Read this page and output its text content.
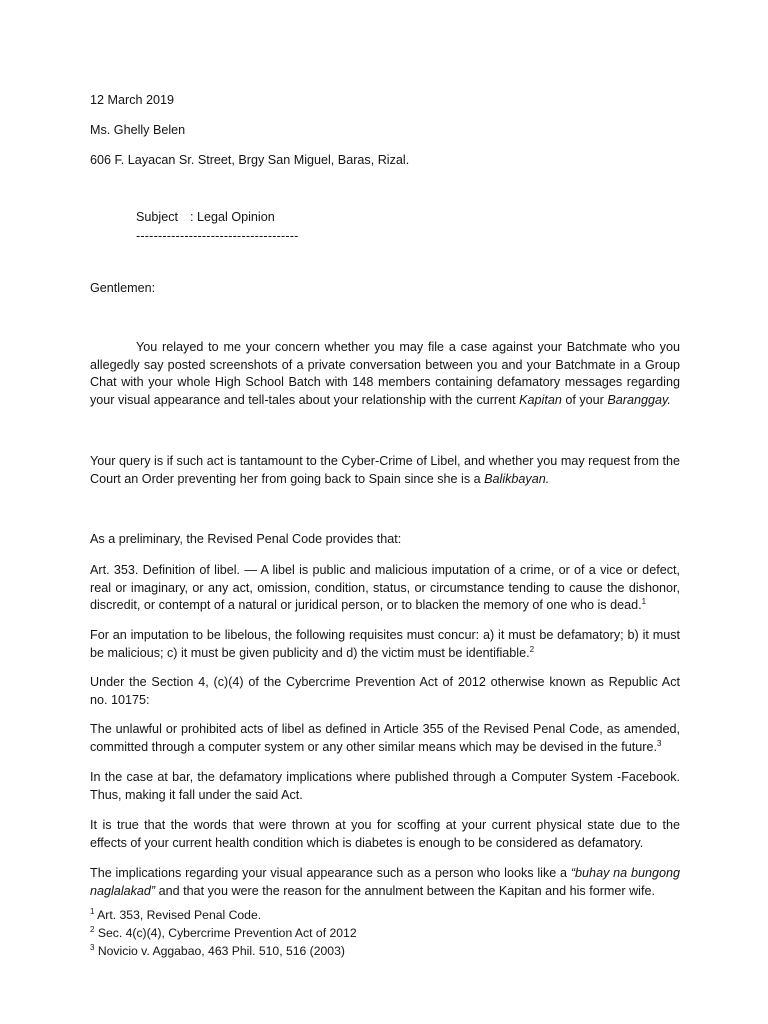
12 March 2019
Ms. Ghelly Belen
606 F. Layacan Sr. Street, Brgy San Miguel, Baras, Rizal.
Subject : Legal Opinion
-------------------------------------
Gentlemen:
You relayed to me your concern whether you may file a case against your Batchmate who you allegedly say posted screenshots of a private conversation between you and your Batchmate in a Group Chat with your whole High School Batch with 148 members containing defamatory messages regarding your visual appearance and tell-tales about your relationship with the current Kapitan of your Baranggay.
Your query is if such act is tantamount to the Cyber-Crime of Libel, and whether you may request from the Court an Order preventing her from going back to Spain since she is a Balikbayan.
As a preliminary, the Revised Penal Code provides that:
Art. 353. Definition of libel. — A libel is public and malicious imputation of a crime, or of a vice or defect, real or imaginary, or any act, omission, condition, status, or circumstance tending to cause the dishonor, discredit, or contempt of a natural or juridical person, or to blacken the memory of one who is dead.$^1$
For an imputation to be libelous, the following requisites must concur: a) it must be defamatory; b) it must be malicious; c) it must be given publicity and d) the victim must be identifiable.$^2$
Under the Section 4, (c)(4) of the Cybercrime Prevention Act of 2012 otherwise known as Republic Act no. 10175:
The unlawful or prohibited acts of libel as defined in Article 355 of the Revised Penal Code, as amended, committed through a computer system or any other similar means which may be devised in the future.$^3$
In the case at bar, the defamatory implications where published through a Computer System -Facebook. Thus, making it fall under the said Act.
It is true that the words that were thrown at you for scoffing at your current physical state due to the effects of your current health condition which is diabetes is enough to be considered as defamatory.
The implications regarding your visual appearance such as a person who looks like a “buhay na bungong naglalakad” and that you were the reason for the annulment between the Kapitan and his former wife.
$^1$ Art. 353, Revised Penal Code.
$^2$ Sec. 4(c)(4), Cybercrime Prevention Act of 2012
$^3$ Novicio v. Aggabao, 463 Phil. 510, 516 (2003)
